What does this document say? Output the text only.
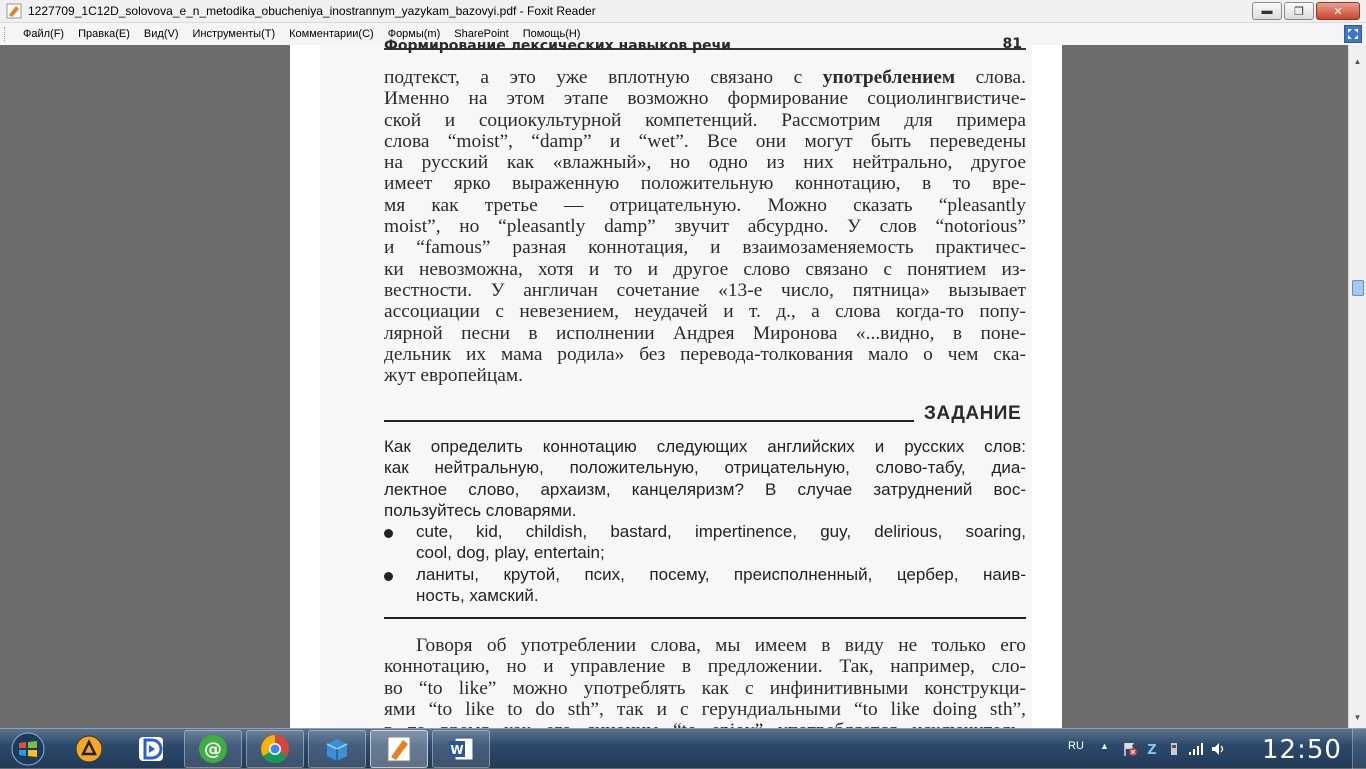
1227709_1C12D_solovova_e_n_metodika_obucheniya_inostrannym_yazykam_bazovyi.pdf - Foxit Reader	▬	❐	✕
Файл(F)	Правка(E)	Вид(V)	Инструменты(T)	Комментарии(C)	Формы(m)	SharePoint	Помощь(H)
Формирование лексических навыков речи	81
подтекст, а это уже вплотную связано с употреблением слова.
Именно на этом этапе возможно формирование социолингвистиче-
ской и социокультурной компетенций. Рассмотрим для примера
слова “moist”, “damp” и “wet”. Все они могут быть переведены
на русский как «влажный», но одно из них нейтрально, другое
имеет ярко выраженную положительную коннотацию, в то вре-
мя как третье — отрицательную. Можно сказать “pleasantly
moist”, но “pleasantly damp” звучит абсурдно. У слов “notorious”
и “famous” разная коннотация, и взаимозаменяемость практичес-
ки невозможна, хотя и то и другое слово связано с понятием из-
вестности. У англичан сочетание «13-е число, пятница» вызывает
ассоциации с невезением, неудачей и т. д., а слова когда-то попу-
лярной песни в исполнении Андрея Миронова «...видно, в поне-
дельник их мама родила» без перевода-толкования мало о чем ска-
жут европейцам.
ЗАДАНИЕ
Как определить коннотацию следующих английских и русских слов:
как нейтральную, положительную, отрицательную, слово-табу, диа-
лектное слово, архаизм, канцеляризм? В случае затруднений вос-
пользуйтесь словарями.
cute, kid, childish, bastard, impertinence, guy, delirious, soaring,
cool, dog, play, entertain;
ланиты, крутой, псих, посему, преисполненный, цербер, наив-
ность, хамский.
Говоря об употреблении слова, мы имеем в виду не только его
коннотацию, но и управление в предложении. Так, например, сло-
во “to like” можно употреблять как с инфинитивными конструкци-
ями “to like to do sth”, так и с герундиальными “to like doing sth”,
▲
▼
@	W	RU ▲	Z	12:50
